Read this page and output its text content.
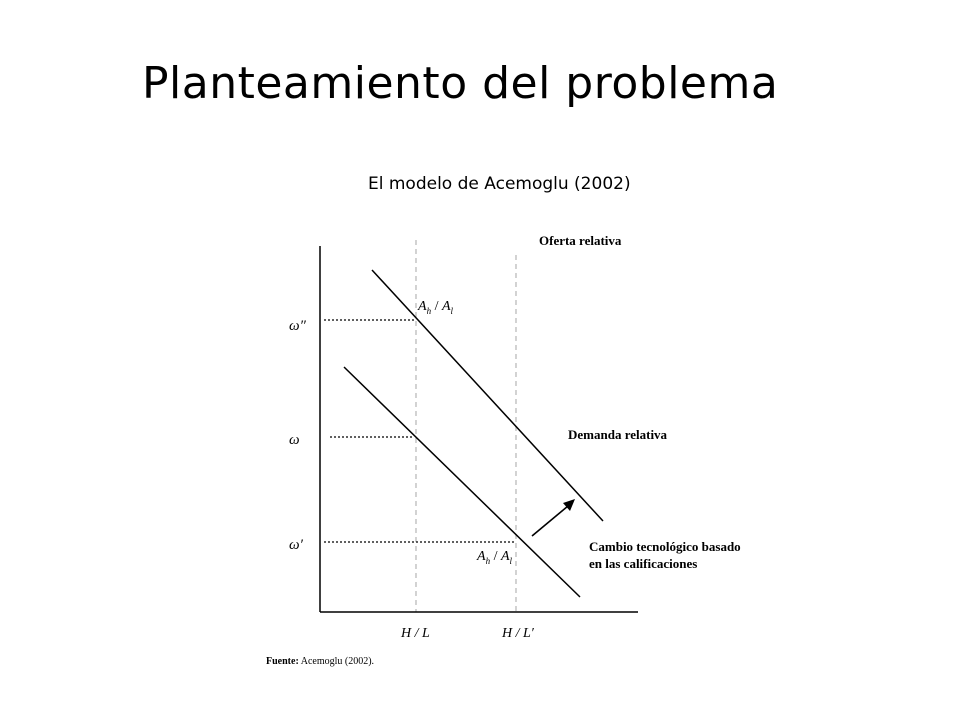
Planteamiento del problema
El modelo de Acemoglu (2002)
Oferta relativa
Demanda relativa
Cambio tecnológico basado
en las calificaciones
ω″
ω
ω′
$A_h / A_l$
$A_h / A_l$
H / L	H / L′
Fuente: Acemoglu (2002).
